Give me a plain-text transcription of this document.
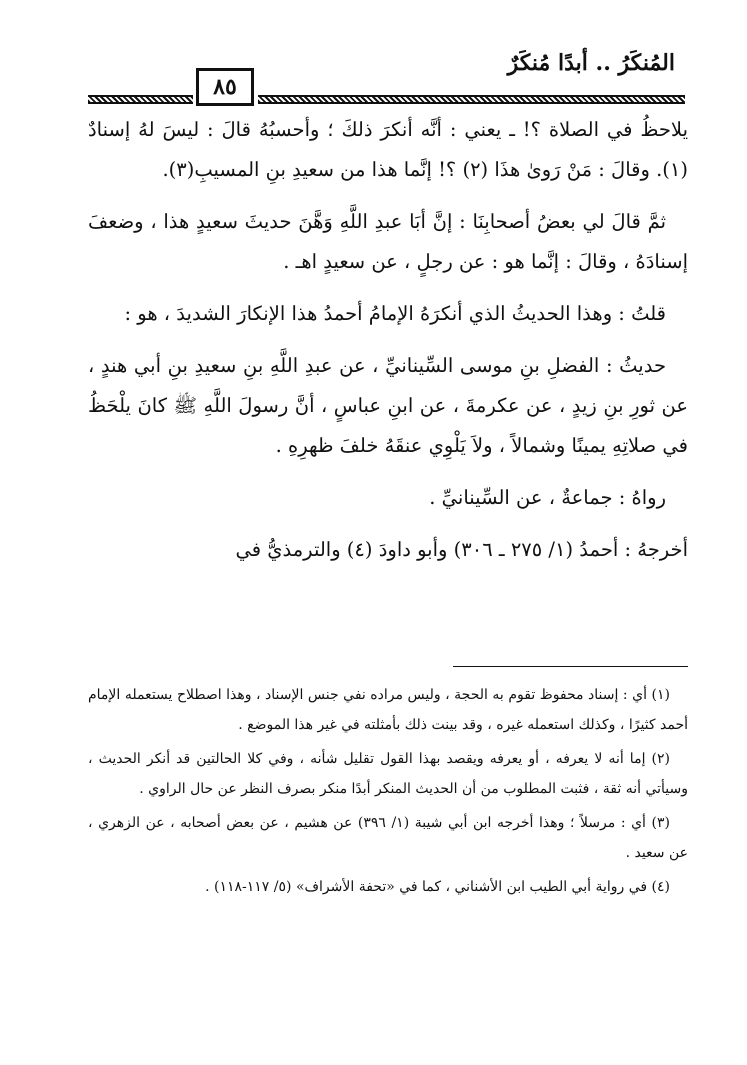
المُنكَرُ .. أبدًا مُنكَرٌ
٨٥

يلاحظُ في الصلاة ؟! ـ يعني : أنَّه أنكرَ ذلكَ ؛ وأحسبُهُ قالَ : ليسَ لهُ إسنادٌ (١). وقالَ : مَنْ رَوىٰ هذَا (٢) ؟! إنَّما هذا من سعيدِ بنِ المسيبِ(٣).

ثمَّ قالَ لي بعضُ أصحابِنَا : إنَّ أبَا عبدِ اللَّهِ وَهَّنَ حديثَ سعيدٍ هذا ، وضعفَ إسنادَهُ ، وقالَ : إنَّما هو : عن رجلٍ ، عن سعيدٍ اهـ .

قلتُ : وهذا الحديثُ الذي أنكرَهُ الإمامُ أحمدُ هذا الإنكارَ الشديدَ ، هو :

حديثُ : الفضلِ بنِ موسى السِّينانيِّ ، عن عبدِ اللَّهِ بنِ سعيدِ بنِ أبي هندٍ ، عن ثورِ بنِ زيدٍ ، عن عكرمةَ ، عن ابنِ عباسٍ ، أنَّ رسولَ اللَّهِ ﷺ كانَ يلْحَظُ في صلاتِهِ يمينًا وشمالاً ، ولاَ يَلْوِي عنقَهُ خلفَ ظهرِهِ .

رواهُ : جماعةٌ ، عن السِّينانيِّ .

أخرجهُ : أحمدُ (١/ ٢٧٥ ـ ٣٠٦) وأبو داودَ (٤) والترمذيُّ في

(١) أي : إسناد محفوظ تقوم به الحجة ، وليس مراده نفي جنس الإسناد ، وهذا اصطلاح يستعمله الإمام أحمد كثيرًا ، وكذلك استعمله غيره ، وقد بينت ذلك بأمثلته في غير هذا الموضع .

(٢) إما أنه لا يعرفه ، أو يعرفه ويقصد بهذا القول تقليل شأنه ، وفي كلا الحالتين قد أنكر الحديث ، وسيأتي أنه ثقة ، فثبت المطلوب من أن الحديث المنكر أبدًا منكر بصرف النظر عن حال الراوي .

(٣) أي : مرسلاً ؛ وهذا أخرجه ابن أبي شيبة (١/ ٣٩٦) عن هشيم ، عن بعض أصحابه ، عن الزهري ، عن سعيد .

(٤) في رواية أبي الطيب ابن الأشناني ، كما في «تحفة الأشراف» (٥/ ١١٧-١١٨) .
